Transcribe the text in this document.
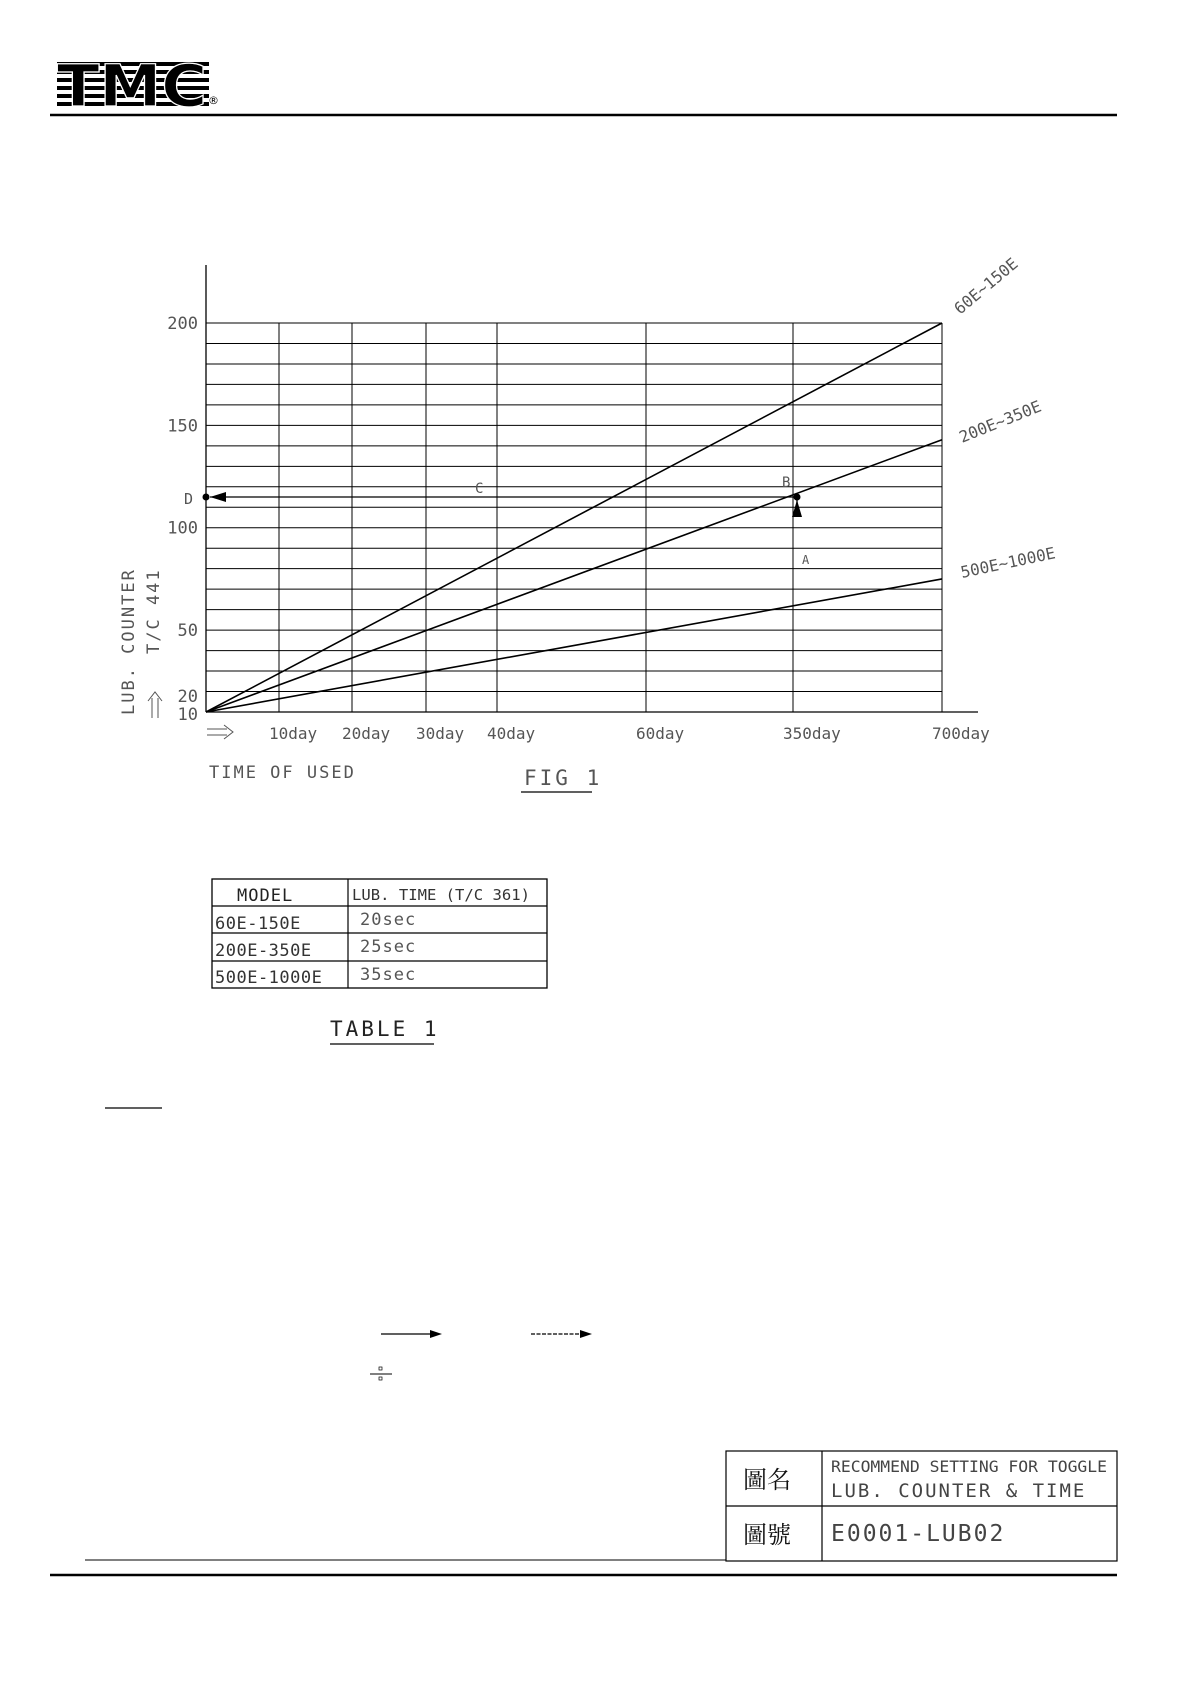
TMC ®
10
20
50
100
150
200
10day 20day 30day 40day	60day	350day	700day
60E~150E
200E~350E
500E~1000E
D
C	B
A
LUB. COUNTER T/C 441
TIME OF USED	FIG 1
MODEL	LUB. TIME (T/C 361)
60E-150E	20sec
200E-350E	25sec
500E-1000E 35sec
TABLE 1
圖名	RECOMMEND SETTING FOR TOGGLE
LUB. COUNTER & TIME
圖號 E0001-LUB02
